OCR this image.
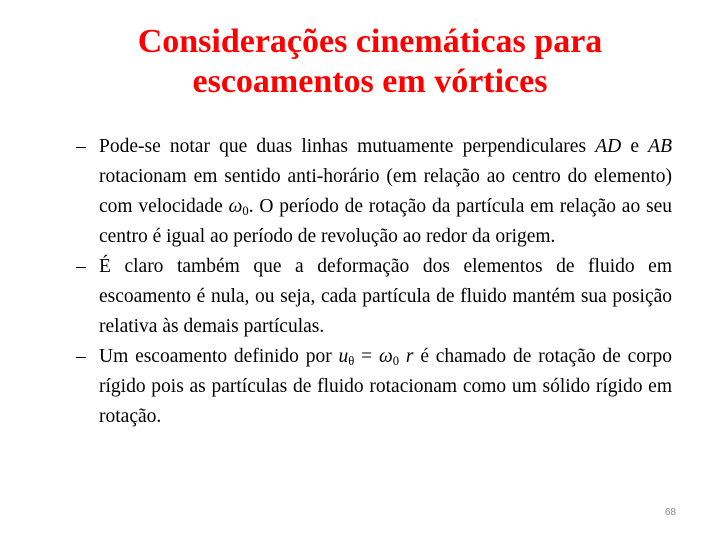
Considerações cinemáticas para
escoamentos em vórtices
– Pode-se notar que duas linhas mutuamente perpendiculares AD e AB rotacionam em sentido anti-horário (em relação ao centro do elemento) com velocidade $\omega_0$. O período de rotação da partícula em relação ao seu centro é igual ao período de revolução ao redor da origem.
– É claro também que a deformação dos elementos de fluido em escoamento é nula, ou seja, cada partícula de fluido mantém sua posição relativa às demais partículas.
– Um escoamento definido por $u_\theta = \omega_0$ r é chamado de rotação de corpo rígido pois as partículas de fluido rotacionam como um sólido rígido em rotação.
68
